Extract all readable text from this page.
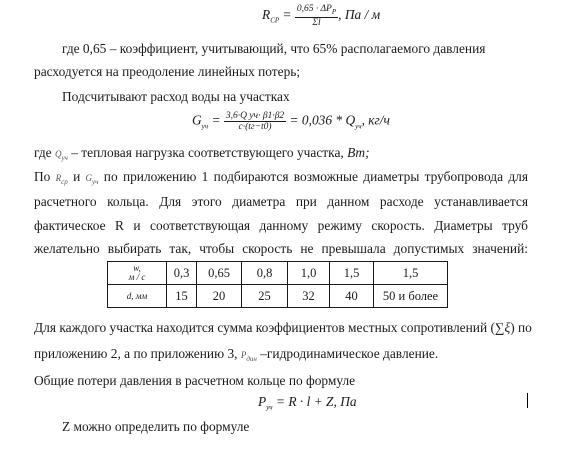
$R_{СР} = \frac{0,65 \cdot \Delta P_Р}{\Sigma l}$ , Па / м
где 0,65 – коэффициент, учитывающий, что 65% располагаемого давления
расходуется на преодоление линейных потерь;
Подсчитывают расход воды на участках
$G_{уч} = \frac{\text{3,6·Q уч· β1·β2}}{c\cdot(tг-t0)} = 0,036 * Q_{уч}$, кг/ч
где $Q_{уч}$ – тепловая нагрузка соответствующего участка, Вт;
По $R_{ср}$ и $G_{уч}$ по приложению 1 подбираются возможные диаметры трубопровода для
расчетного кольца. Для этого диаметра при данном расходе устанавливается
фактическое R и соответствующая данному режиму скорость. Диаметры труб
желательно выбирать так, чтобы скорость не превышала допустимых значений:
w,
м / с	0,3	0,65	0,8	1,0	1,5	1,5
d, мм	15	20	25	32	40	50 и более
Для каждого участка находится сумма коэффициентов местных сопротивлений (∑ξ) по
приложению 2, а по приложению 3, $P_{дин}$ –гидродинамическое давление.
Общие потери давления в расчетном кольце по формуле
$P_{уч} = R \cdot l + Z$, Па
Z можно определить по формуле
